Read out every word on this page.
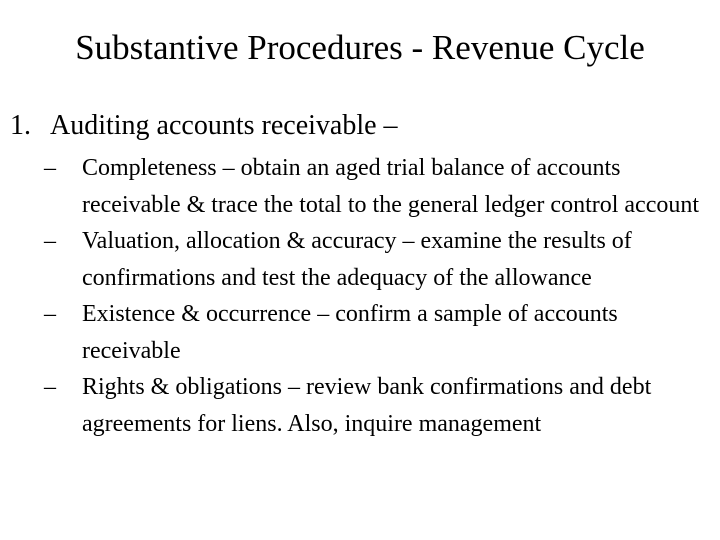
Substantive Procedures - Revenue Cycle
1. Auditing accounts receivable –
– Completeness – obtain an aged trial balance of accounts receivable & trace the total to the general ledger control account
– Valuation, allocation & accuracy – examine the results of confirmations and test the adequacy of the allowance
– Existence & occurrence – confirm a sample of accounts receivable
– Rights & obligations – review bank confirmations and debt agreements for liens. Also, inquire management
